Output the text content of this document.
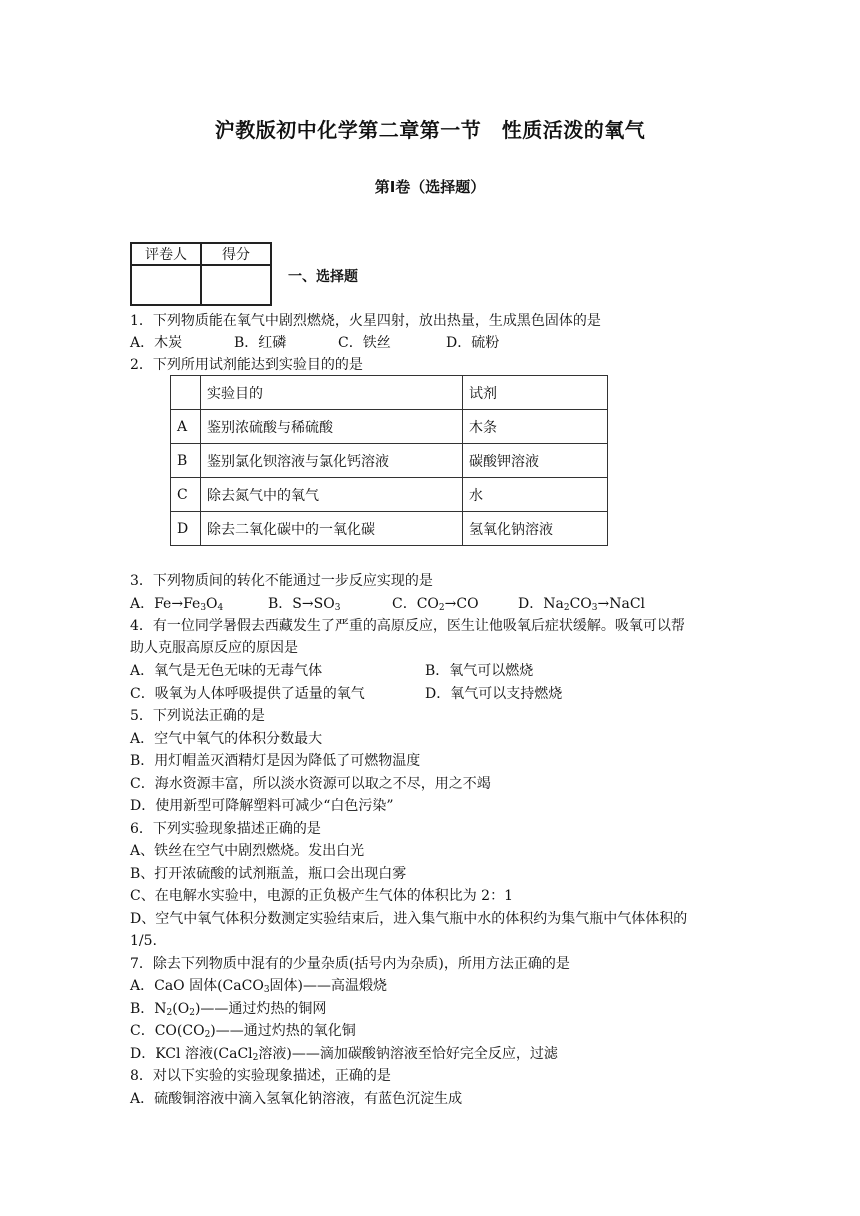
沪教版初中化学第二章第一节　性质活泼的氧气
第Ⅰ卷（选择题）
评卷人	得分

一、选择题
1．下列物质能在氧气中剧烈燃烧，火星四射，放出热量，生成黑色固体的是
A．木炭	B．红磷	C．铁丝	D．硫粉
2．下列所用试剂能达到实验目的的是
	实验目的	试剂
A	鉴别浓硫酸与稀硫酸	木条
B	鉴别氯化钡溶液与氯化钙溶液	碳酸钾溶液
C	除去氮气中的氧气	水
D	除去二氧化碳中的一氧化碳	氢氧化钠溶液
3．下列物质间的转化不能通过一步反应实现的是
A．$Fe\to Fe_3O_4$	B．$S\to SO_3$	C．$CO_2\to CO$	D．$Na_2CO_3\to NaCl$
4．有一位同学暑假去西藏发生了严重的高原反应，医生让他吸氧后症状缓解。吸氧可以帮
助人克服高原反应的原因是
A．氧气是无色无味的无毒气体	B．氧气可以燃烧
C．吸氧为人体呼吸提供了适量的氧气	D．氧气可以支持燃烧
5．下列说法正确的是
A．空气中氧气的体积分数最大
B．用灯帽盖灭酒精灯是因为降低了可燃物温度
C．海水资源丰富，所以淡水资源可以取之不尽，用之不竭
D．使用新型可降解塑料可减少“白色污染”
6．下列实验现象描述正确的是
A、铁丝在空气中剧烈燃烧。发出白光
B、打开浓硫酸的试剂瓶盖，瓶口会出现白雾
C、在电解水实验中，电源的正负极产生气体的体积比为 2：1
D、空气中氧气体积分数测定实验结束后，进入集气瓶中水的体积约为集气瓶中气体体积的
1/5.
7．除去下列物质中混有的少量杂质(括号内为杂质)，所用方法正确的是
A．CaO 固体(CaCO$_3$固体)——高温煅烧
B．$N_2(O_2)——$通过灼热的铜网
C．$CO(CO_2)——$通过灼热的氧化铜
D．KCl 溶液(CaCl$_2$溶液)——滴加碳酸钠溶液至恰好完全反应，过滤
8．对以下实验的实验现象描述，正确的是
A．硫酸铜溶液中滴入氢氧化钠溶液，有蓝色沉淀生成
